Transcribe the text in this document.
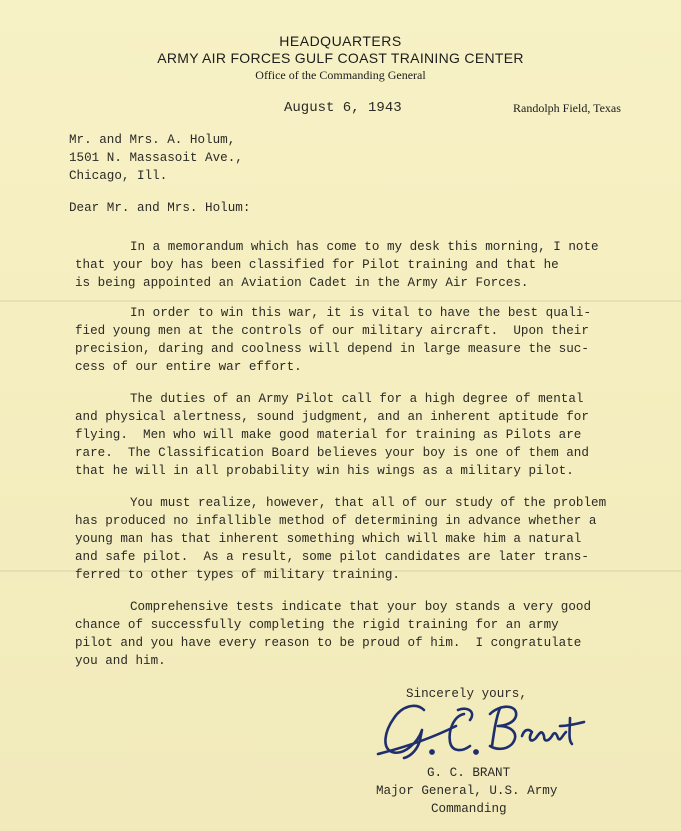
HEADQUARTERS
ARMY AIR FORCES GULF COAST TRAINING CENTER
Office of the Commanding General
August 6, 1943	Randolph Field, Texas
Mr. and Mrs. A. Holum,
1501 N. Massasoit Ave.,
Chicago, Ill.
Dear Mr. and Mrs. Holum:
In a memorandum which has come to my desk this morning, I note
that your boy has been classified for Pilot training and that he
is being appointed an Aviation Cadet in the Army Air Forces.
In order to win this war, it is vital to have the best quali-
fied young men at the controls of our military aircraft.  Upon their
precision, daring and coolness will depend in large measure the suc-
cess of our entire war effort.
The duties of an Army Pilot call for a high degree of mental
and physical alertness, sound judgment, and an inherent aptitude for
flying.  Men who will make good material for training as Pilots are
rare.  The Classification Board believes your boy is one of them and
that he will in all probability win his wings as a military pilot.
You must realize, however, that all of our study of the problem
has produced no infallible method of determining in advance whether a
young man has that inherent something which will make him a natural
and safe pilot.  As a result, some pilot candidates are later trans-
ferred to other types of military training.
Comprehensive tests indicate that your boy stands a very good
chance of successfully completing the rigid training for an army
pilot and you have every reason to be proud of him.  I congratulate
you and him.
Sincerely yours,
G. C. BRANT
Major General, U.S. Army
Commanding
